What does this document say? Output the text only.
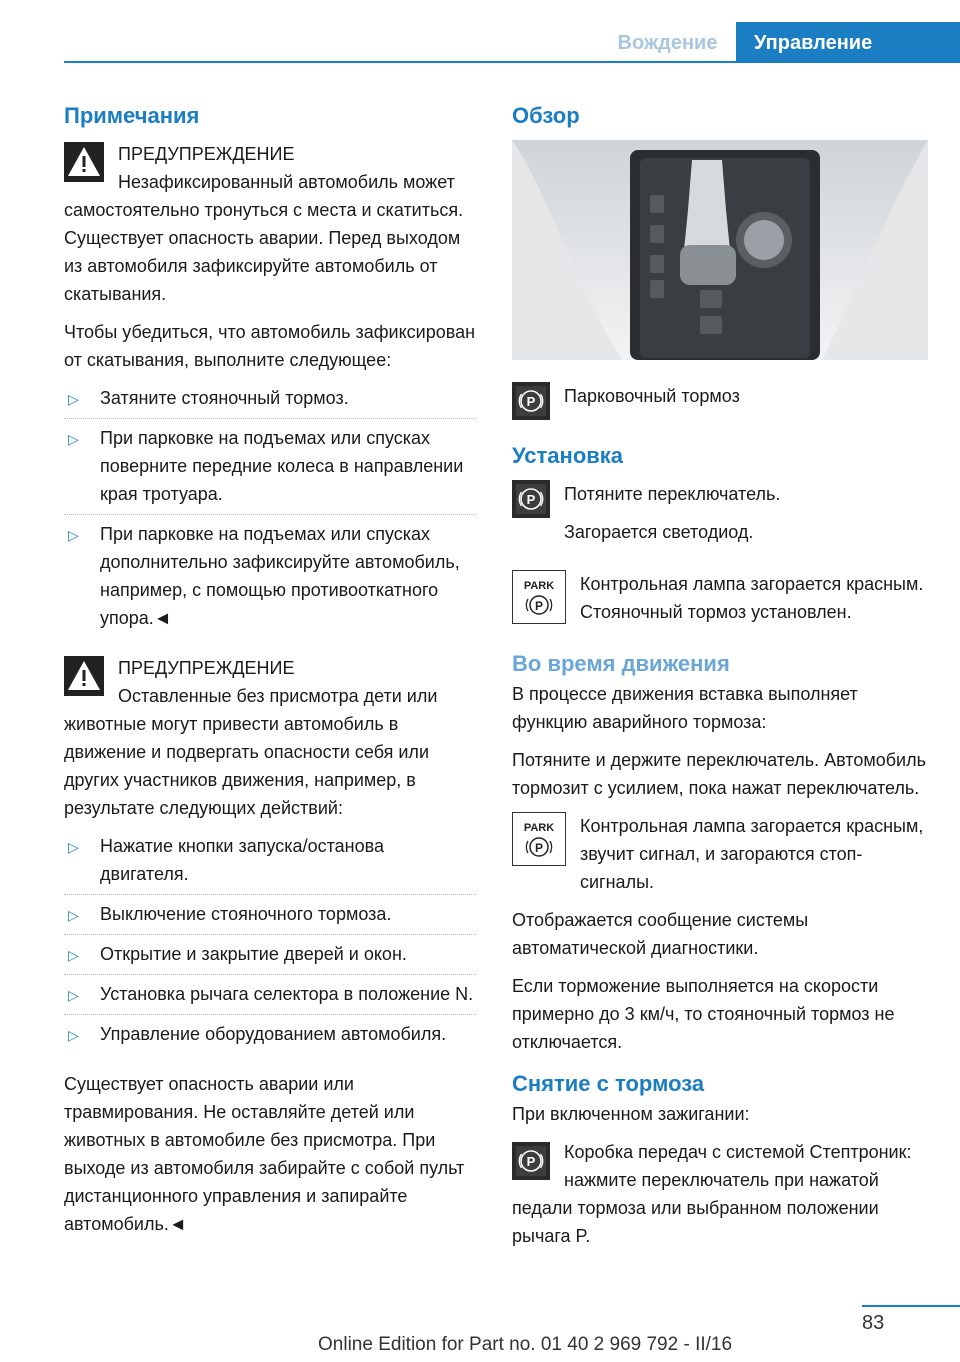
Вождение	Управление
Примечания
ПРЕДУПРЕЖДЕНИЕ

Незафиксированный автомобиль может самостоятельно тронуться с места и скатиться. Существует опасность аварии. Перед выходом из автомобиля зафиксируйте автомобиль от скатывания.

Чтобы убедиться, что автомобиль зафиксирован от скатывания, выполните следующее:

▷ Затяните стояночный тормоз.
▷ При парковке на подъемах или спусках поверните передние колеса в направлении края тротуара.
▷ При парковке на подъемах или спусках дополнительно зафиксируйте автомобиль, например, с помощью противооткатного упора.◄
ПРЕДУПРЕЖДЕНИЕ

Оставленные без присмотра дети или животные могут привести автомобиль в движение и подвергать опасности себя или других участников движения, например, в результате следующих действий:

▷ Нажатие кнопки запуска/останова двигателя.
▷ Выключение стояночного тормоза.
▷ Открытие и закрытие дверей и окон.
▷ Установка рычага селектора в положение N.
▷ Управление оборудованием автомобиля.

Существует опасность аварии или травмирования. Не оставляйте детей или животных в автомобиле без присмотра. При выходе из автомобиля забирайте с собой пульт дистанционного управления и запирайте автомобиль.◄

Обзор
P Парковочный тормоз
Установка
P Потяните переключатель.

Загорается светодиод.

PARK
P
Контрольная лампа загорается красным. Стояночный тормоз установлен.
Во время движения

В процессе движения вставка выполняет функцию аварийного тормоза:

Потяните и держите переключатель. Автомобиль тормозит с усилием, пока нажат переключатель.

PARK
P
Контрольная лампа загорается красным, звучит сигнал, и загораются стоп-сигналы.

Отображается сообщение системы автоматической диагностики.

Если торможение выполняется на скорости примерно до 3 км/ч, то стояночный тормоз не отключается.

Снятие с тормоза

При включенном зажигании:

P Коробка передач с системой Стептроник: нажмите переключатель при нажатой педали тормоза или выбранном положении рычага P.
83
Online Edition for Part no. 01 40 2 969 792 - II/16
